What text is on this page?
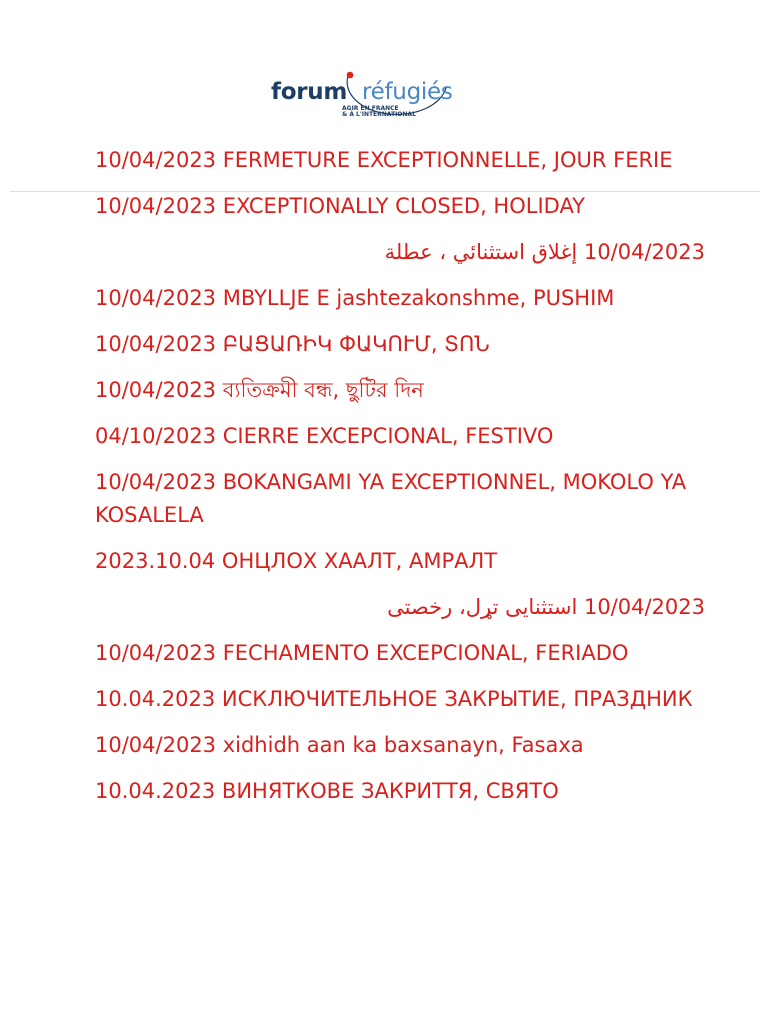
forum réfugiés
AGIR EN FRANCE
& À L'INTERNATIONAL
10/04/2023 FERMETURE EXCEPTIONNELLE, JOUR FERIE
10/04/2023 EXCEPTIONALLY CLOSED, HOLIDAY
10/04/2023 إغلاق استثنائي ، عطلة
10/04/2023 MBYLLJE E jashtezakonshme, PUSHIM
10/04/2023 ԲԱՑԱՌԻԿ ՓԱԿՈՒՄ, ՏՈՆ
10/04/2023 ব্যতিক্রমী বন্ধ, ছুটির দিন
04/10/2023 CIERRE EXCEPCIONAL, FESTIVO
10/04/2023 BOKANGAMI YA EXCEPTIONNEL, MOKOLO YA KOSALELA
2023.10.04 ОНЦЛОХ ХААЛТ, АМРАЛТ
10/04/2023 استثنایی تړل، رخصتی
10/04/2023 FECHAMENTO EXCEPCIONAL, FERIADO
10.04.2023 ИСКЛЮЧИТЕЛЬНОЕ ЗАКРЫТИЕ, ПРАЗДНИК
10/04/2023 xidhidh aan ka baxsanayn, Fasaxa
10.04.2023 ВИНЯТКОВЕ ЗАКРИТТЯ, СВЯТО
